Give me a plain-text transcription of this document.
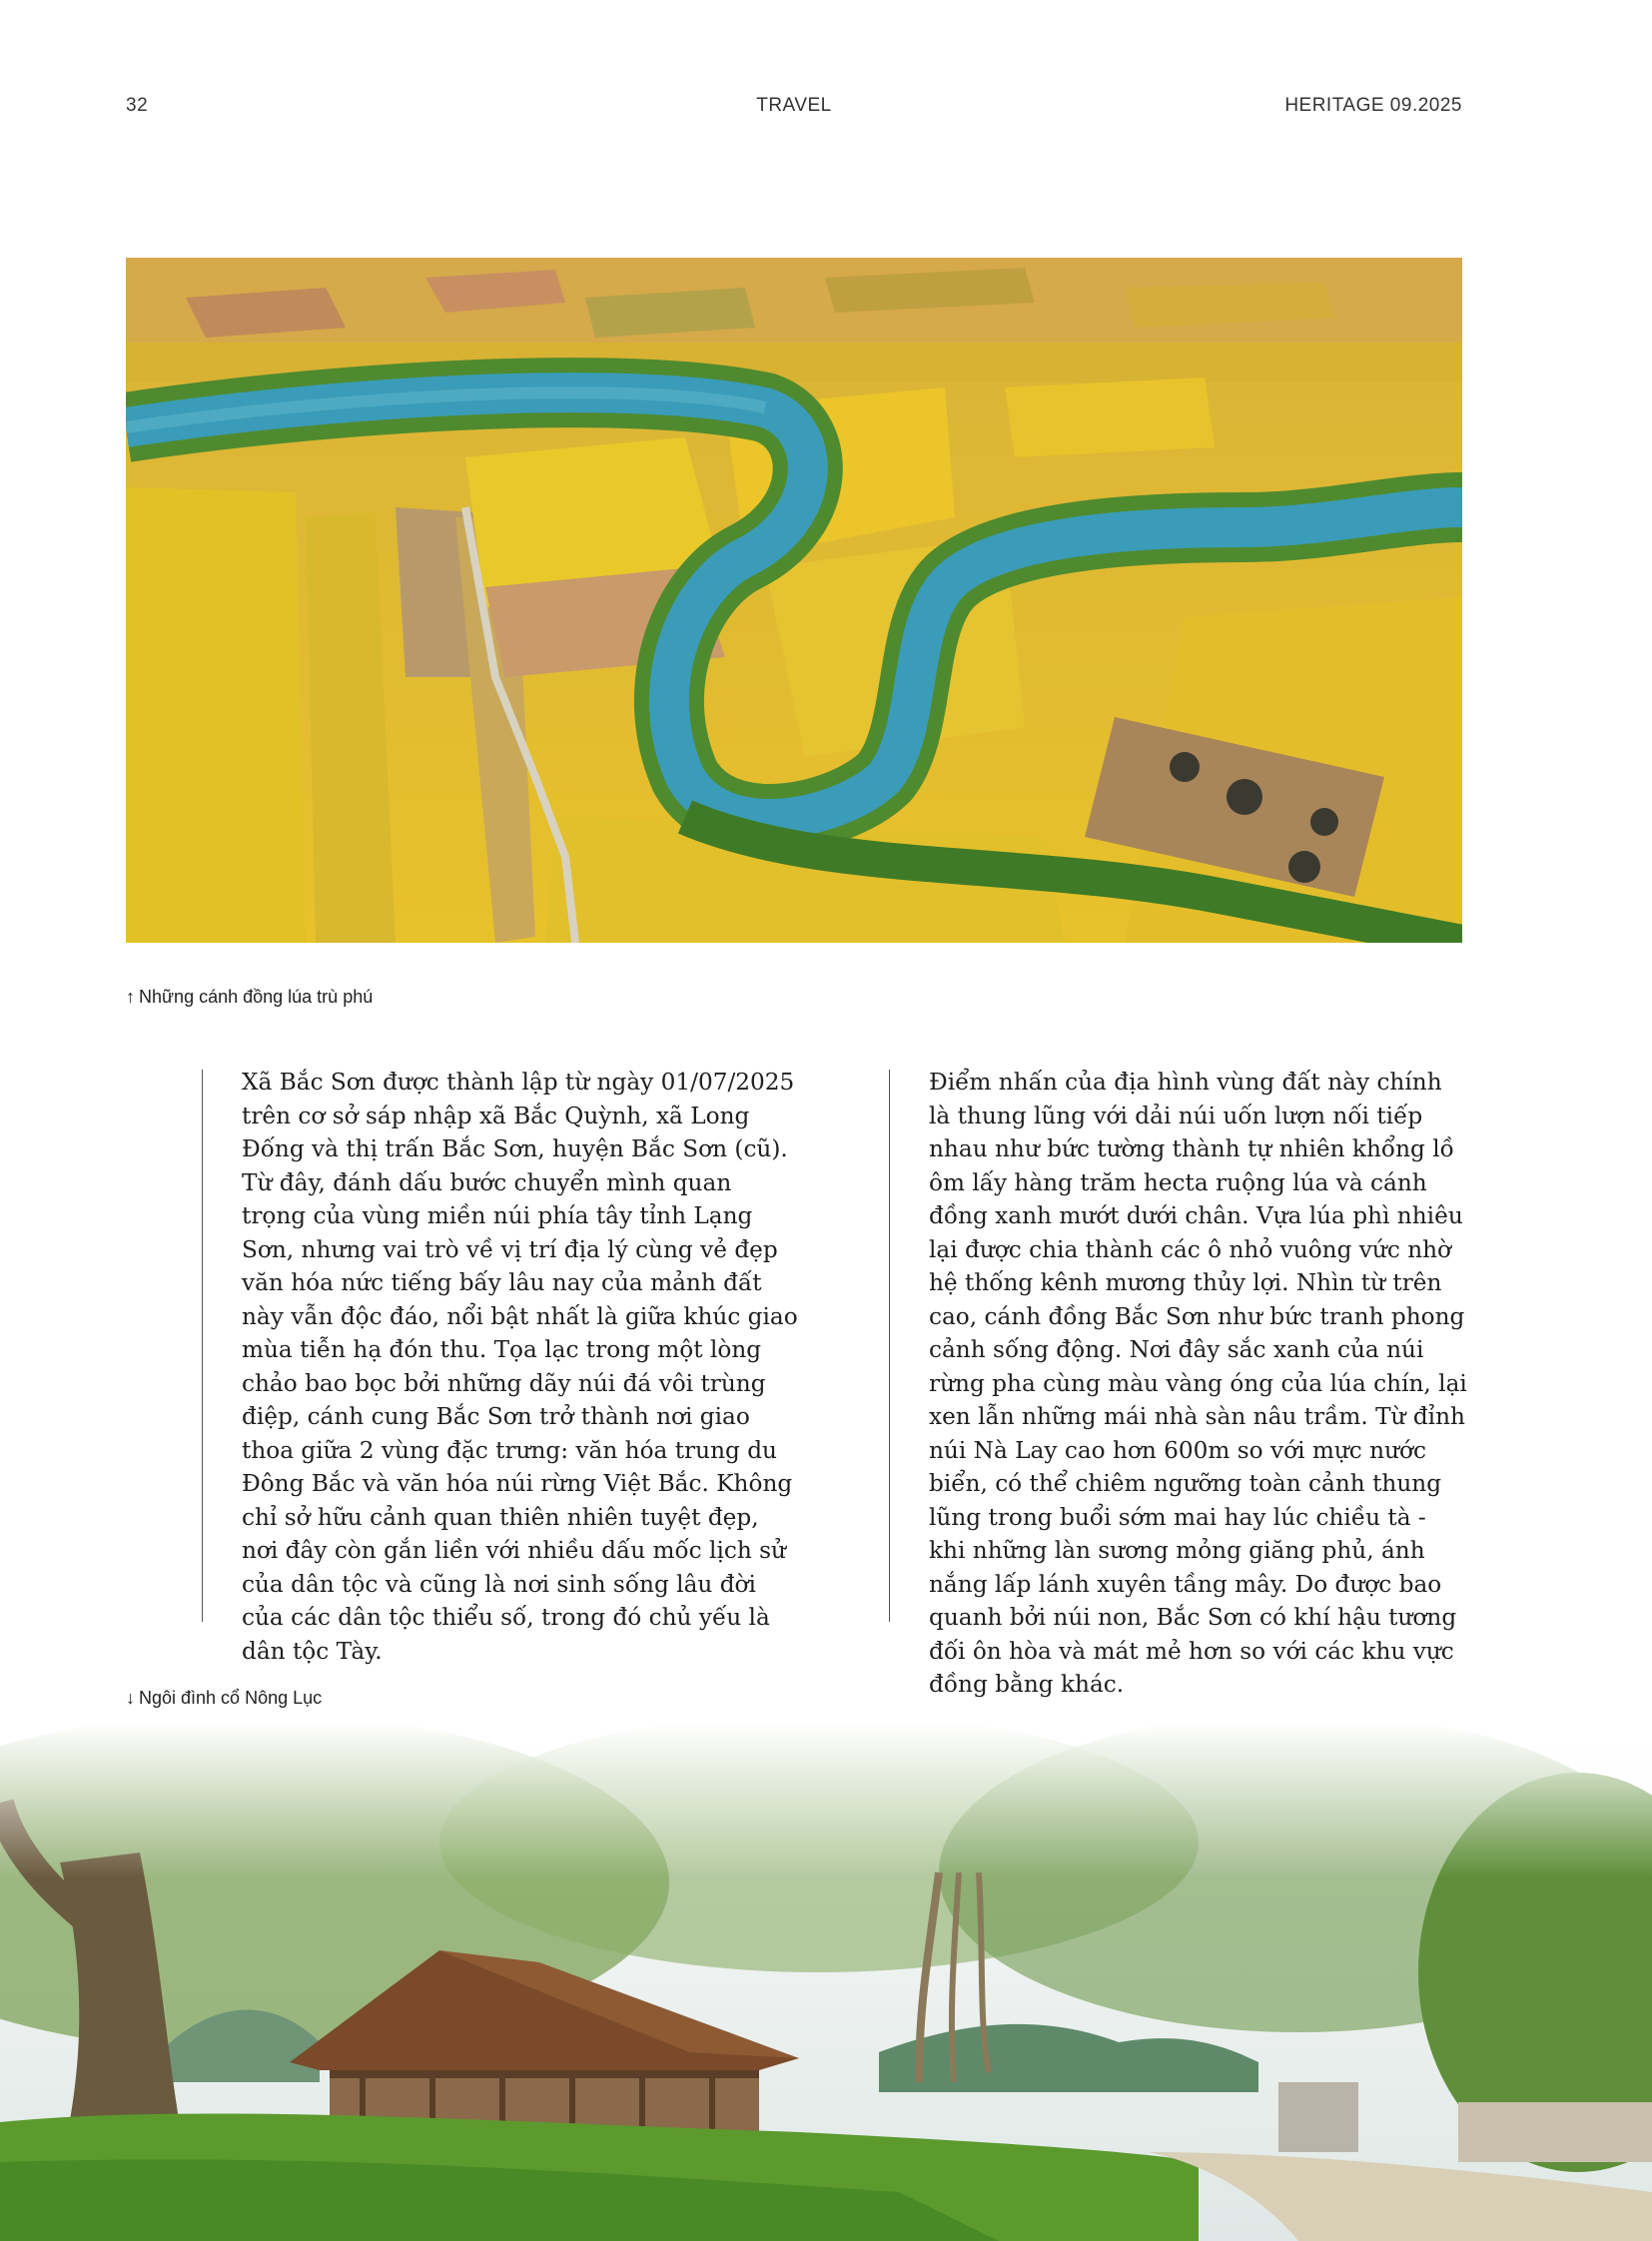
32	TRAVEL	HERITAGE 09.2025
↑ Những cánh đồng lúa trù phú
Xã Bắc Sơn được thành lập từ ngày 01/07/2025 trên cơ sở sáp nhập xã Bắc Quỳnh, xã Long Đống và thị trấn Bắc Sơn, huyện Bắc Sơn (cũ). Từ đây, đánh dấu bước chuyển mình quan trọng của vùng miền núi phía tây tỉnh Lạng Sơn, nhưng vai trò về vị trí địa lý cùng vẻ đẹp văn hóa nức tiếng bấy lâu nay của mảnh đất này vẫn độc đáo, nổi bật nhất là giữa khúc giao mùa tiễn hạ đón thu. Tọa lạc trong một lòng chảo bao bọc bởi những dãy núi đá vôi trùng điệp, cánh cung Bắc Sơn trở thành nơi giao thoa giữa 2 vùng đặc trưng: văn hóa trung du Đông Bắc và văn hóa núi rừng Việt Bắc. Không chỉ sở hữu cảnh quan thiên nhiên tuyệt đẹp, nơi đây còn gắn liền với nhiều dấu mốc lịch sử của dân tộc và cũng là nơi sinh sống lâu đời của các dân tộc thiểu số, trong đó chủ yếu là dân tộc Tày.
Điểm nhấn của địa hình vùng đất này chính là thung lũng với dải núi uốn lượn nối tiếp nhau như bức tường thành tự nhiên khổng lồ ôm lấy hàng trăm hecta ruộng lúa và cánh đồng xanh mướt dưới chân. Vựa lúa phì nhiêu lại được chia thành các ô nhỏ vuông vức nhờ hệ thống kênh mương thủy lợi. Nhìn từ trên cao, cánh đồng Bắc Sơn như bức tranh phong cảnh sống động. Nơi đây sắc xanh của núi rừng pha cùng màu vàng óng của lúa chín, lại xen lẫn những mái nhà sàn nâu trầm. Từ đỉnh núi Nà Lay cao hơn 600m so với mực nước biển, có thể chiêm ngưỡng toàn cảnh thung lũng trong buổi sớm mai hay lúc chiều tà - khi những làn sương mỏng giăng phủ, ánh nắng lấp lánh xuyên tầng mây. Do được bao quanh bởi núi non, Bắc Sơn có khí hậu tương đối ôn hòa và mát mẻ hơn so với các khu vực đồng bằng khác.
↓ Ngôi đình cổ Nông Lục
